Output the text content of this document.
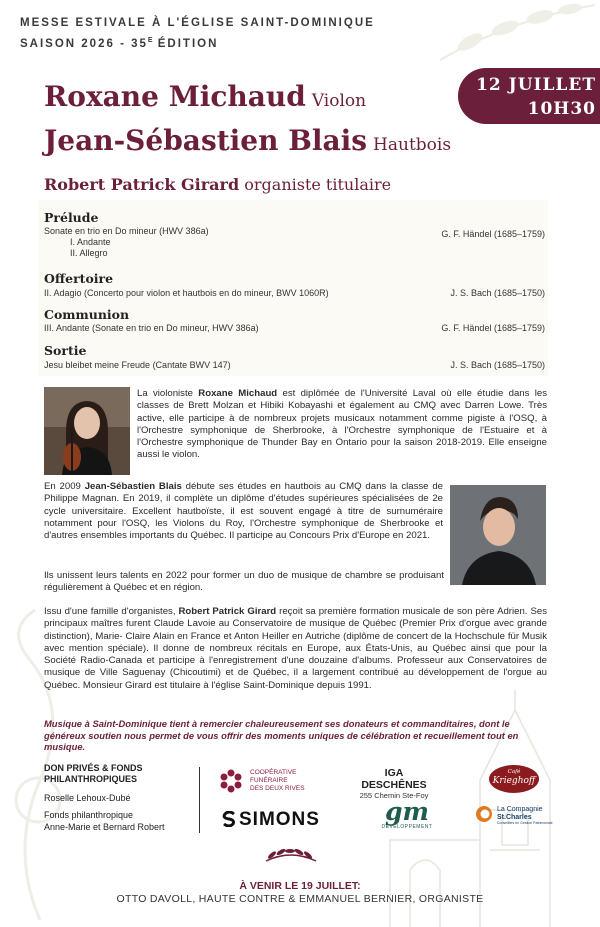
MESSE ESTIVALE À L'ÉGLISE SAINT-DOMINIQUE
SAISON $2026 - 35^E$ ÉDITION
12 JUILLET
10H30
Roxane Michaud Violon
Jean-Sébastien Blais Hautbois
Robert Patrick Girard organiste titulaire
Prélude
Sonate en trio en Do mineur (HWV 386a)
I. Andante
II. Allegro
G. F. Händel (1685–1759)
Offertoire
II. Adagio (Concerto pour violon et hautbois en do mineur, BWV 1060R)	J. S. Bach (1685–1750)
Communion
III. Andante (Sonate en trio en Do mineur, HWV 386a)	G. F. Händel (1685–1759)
Sortie
Jesu bleibet meine Freude (Cantate BWV 147)	J. S. Bach (1685–1750)
La violoniste Roxane Michaud est diplômée de l'Université Laval où elle étudie dans les classes de Brett Molzan et Hibiki Kobayashi et également au CMQ avec Darren Lowe. Très active, elle participe à de nombreux projets musicaux notamment comme pigiste à l'OSQ, à l'Orchestre symphonique de Sherbrooke, à l'Orchestre symphonique de l'Estuaire et à l'Orchestre symphonique de Thunder Bay en Ontario pour la saison 2018-2019. Elle enseigne aussi le violon.
En 2009 Jean-Sébastien Blais débute ses études en hautbois au CMQ dans la classe de Philippe Magnan. En 2019, il complète un diplôme d'études supérieures spécialisées de 2e cycle universitaire. Excellent hautboïste, il est souvent engagé à titre de surnuméraire notamment pour l'OSQ, les Violons du Roy, l'Orchestre symphonique de Sherbrooke et d'autres ensembles importants du Québec. Il participe au Concours Prix d'Europe en 2021.
Ils unissent leurs talents en 2022 pour former un duo de musique de chambre se produisant régulièrement à Québec et en région.
Issu d'une famille d'organistes, Robert Patrick Girard reçoit sa première formation musicale de son père Adrien. Ses principaux maîtres furent Claude Lavoie au Conservatoire de musique de Québec (Premier Prix d'orgue avec grande distinction), Marie- Claire Alain en France et Anton Heiller en Autriche (diplôme de concert de la Hochschule für Musik avec mention spéciale). Il donne de nombreux récitals en Europe, aux États-Unis, au Québec ainsi que pour la Société Radio-Canada et participe à l'enregistrement d'une douzaine d'albums. Professeur aux Conservatoires de musique de Ville Saguenay (Chicoutimi) et de Québec, il a largement contribué au développement de l'orgue au Québec. Monsieur Girard est titulaire à l'église Saint-Dominique depuis 1991.
Musique à Saint-Dominique tient à remercier chaleureusement ses donateurs et commanditaires, dont le généreux soutien nous permet de vous offrir des moments uniques de célébration et recueillement tout en musique.
DON PRIVÉS & FONDS
PHILANTHROPIQUES
Roselle Lehoux-Dubé
Fonds philanthropique
Anne-Marie et Bernard Robert
COOPÉRATIVE
FUNÉRAIRE
DES DEUX RIVES
IGA DESCHÊNES
255 Chemin Ste-Foy
Café
Krieghoff
SIMONS	gm
DÉVELOPPEMENT
La Compagnie
St.Charles
Conseillers en Gestion Patrimoniale
À VENIR LE 19 JUILLET:
OTTO DAVOLL, HAUTE CONTRE & EMMANUEL BERNIER, ORGANISTE
